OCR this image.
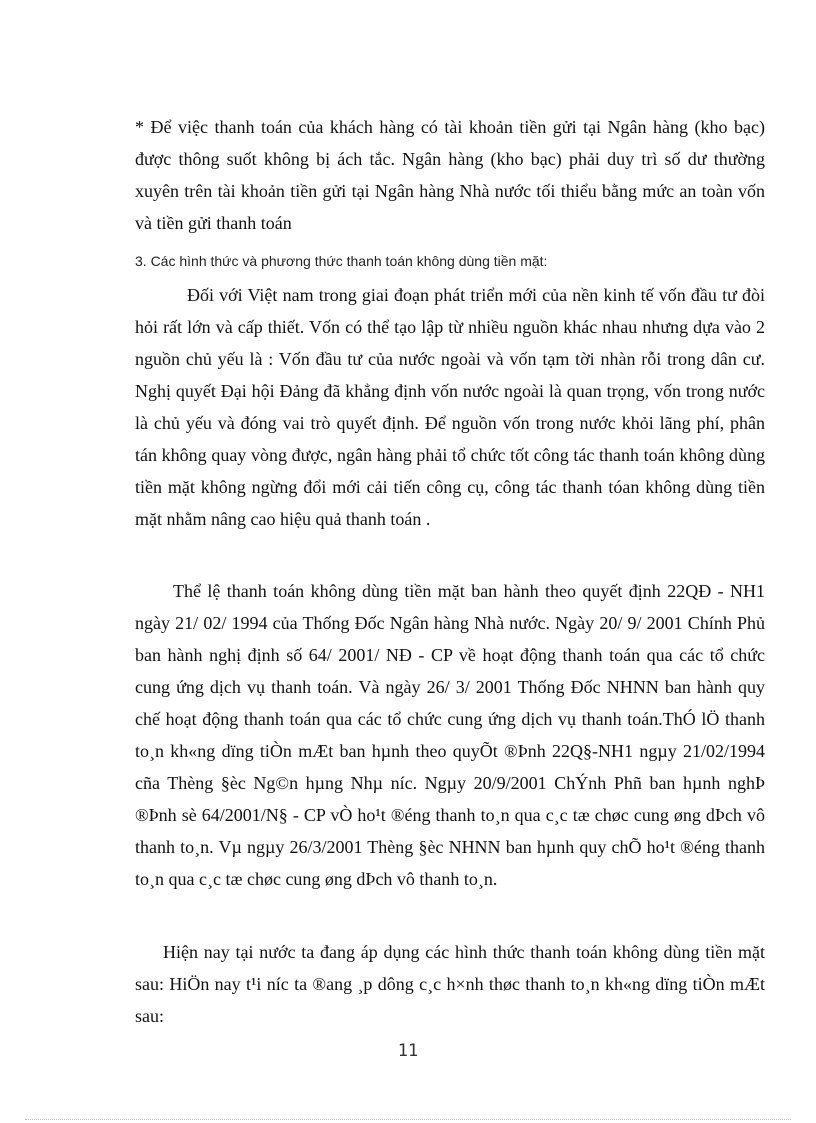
* Để việc thanh toán của khách hàng có tài khoản tiền gửi tại Ngân hàng (kho bạc) được thông suốt không bị ách tắc. Ngân hàng (kho bạc) phải duy trì số dư thường xuyên trên tài khoản tiền gửi tại Ngân hàng Nhà nước tối thiểu bằng mức an toàn vốn và tiền gửi thanh toán

3. Các hình thức và phương thức thanh toán không dùng tiền mặt:

Đối với Việt nam trong giai đoạn phát triển mới của nền kinh tế vốn đầu tư đòi hỏi rất lớn và cấp thiết. Vốn có thể tạo lập từ nhiều nguồn khác nhau nhưng dựa vào 2 nguồn chủ yếu là : Vốn đầu tư của nước ngoài và vốn tạm tời nhàn rỗi trong dân cư. Nghị quyết Đại hội Đảng đã khẳng định vốn nước ngoài là quan trọng, vốn trong nước là chủ yếu và đóng vai trò quyết định. Để nguồn vốn trong nước khỏi lãng phí, phân tán không quay vòng được, ngân hàng phải tổ chức tốt công tác thanh toán không dùng tiền mặt không ngừng đổi mới cải tiến công cụ, công tác thanh tóan không dùng tiền mặt nhằm nâng cao hiệu quả thanh toán .

Thể lệ thanh toán không dùng tiền mặt ban hành theo quyết định 22QĐ - NH1 ngày 21/ 02/ 1994 của Thống Đốc Ngân hàng Nhà nước. Ngày 20/ 9/ 2001 Chính Phủ ban hành nghị định số 64/ 2001/ NĐ - CP về hoạt động thanh toán qua các tổ chức cung ứng dịch vụ thanh toán. Và ngày 26/ 3/ 2001 Thống Đốc NHNN ban hành quy chế hoạt động thanh toán qua các tổ chức cung ứng dịch vụ thanh toán.ThÓ lÖ thanh to¸n kh«ng dïng tiÒn mÆt ban hµnh theo quyÕt ®Þnh 22Q§-NH1 ngµy 21/02/1994 cña Thèng §èc Ng©n hµng Nhµ níc. Ngµy 20/9/2001 ChÝnh Phñ ban hµnh nghÞ ®Þnh sè 64/2001/N§ - CP vÒ ho¹t ®éng thanh to¸n qua c¸c tæ chøc cung øng dÞch vô thanh to¸n. Vµ ngµy 26/3/2001 Thèng §èc NHNN ban hµnh quy chÕ ho¹t ®éng thanh to¸n qua c¸c tæ chøc cung øng dÞch vô thanh to¸n.

Hiện nay tại nước ta đang áp dụng các hình thức thanh toán không dùng tiền mặt sau: HiÖn nay t¹i níc ta ®ang ¸p dông c¸c h×nh thøc thanh to¸n kh«ng dïng tiÒn mÆt sau:

11
